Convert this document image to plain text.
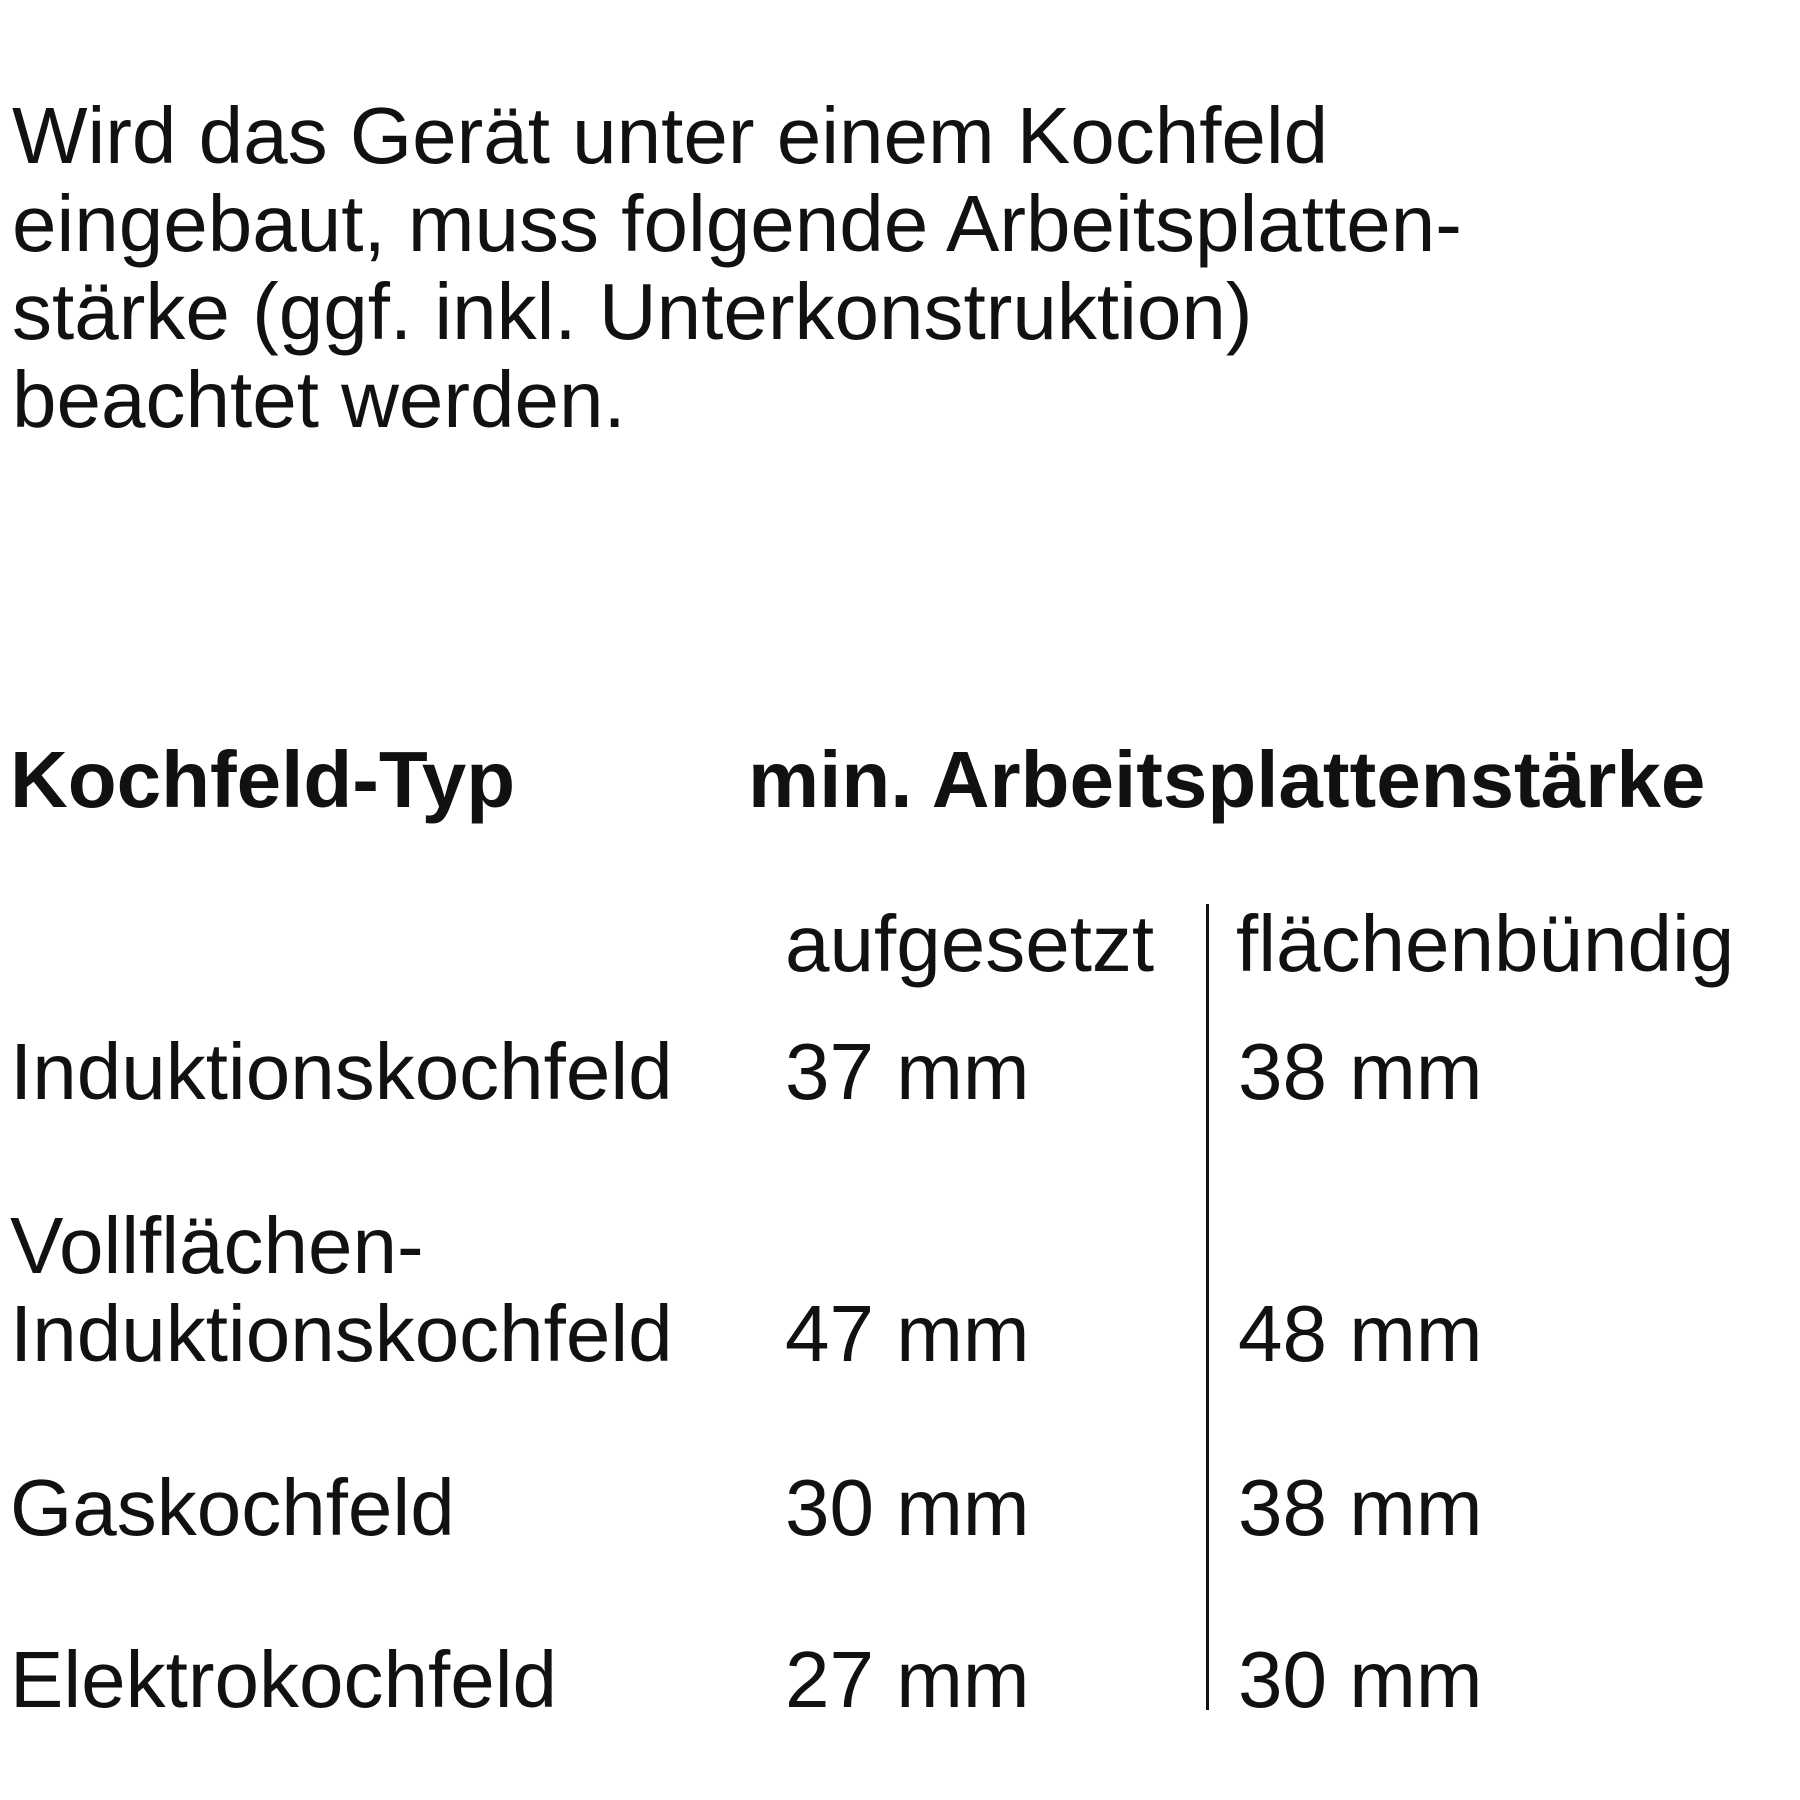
Wird das Gerät unter einem Kochfeld
eingebaut, muss folgende Arbeitsplatten-
stärke (ggf. inkl. Unterkonstruktion)
beachtet werden.
Kochfeld-Typ	min. Arbeitsplattenstärke
aufgesetzt flächenbündig
Induktionskochfeld 37 mm	38 mm
Vollflächen-
Induktionskochfeld 47 mm	48 mm
Gaskochfeld	30 mm	38 mm
Elektrokochfeld	27 mm	30 mm
